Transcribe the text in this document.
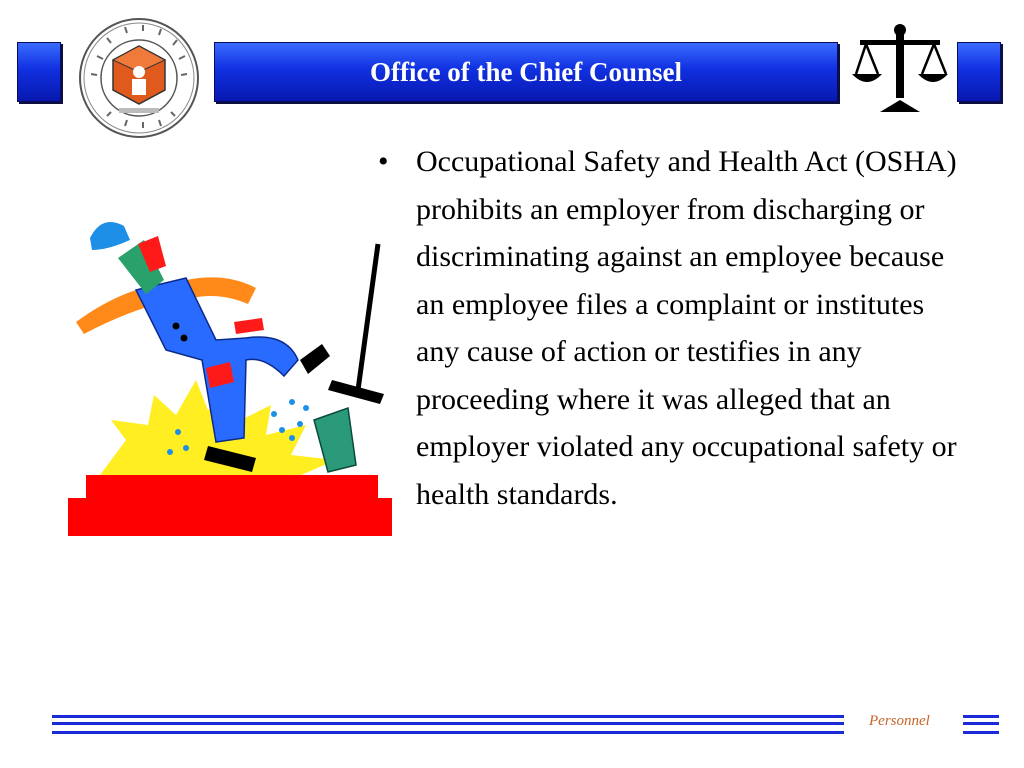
Office of the Chief Counsel
• Occupational Safety and Health Act (OSHA) prohibits an employer from discharging or discriminating against an employee because an employee files a complaint or institutes any cause of action or testifies in any proceeding where it was alleged that an employer violated any occupational safety or health standards.
Personnel
